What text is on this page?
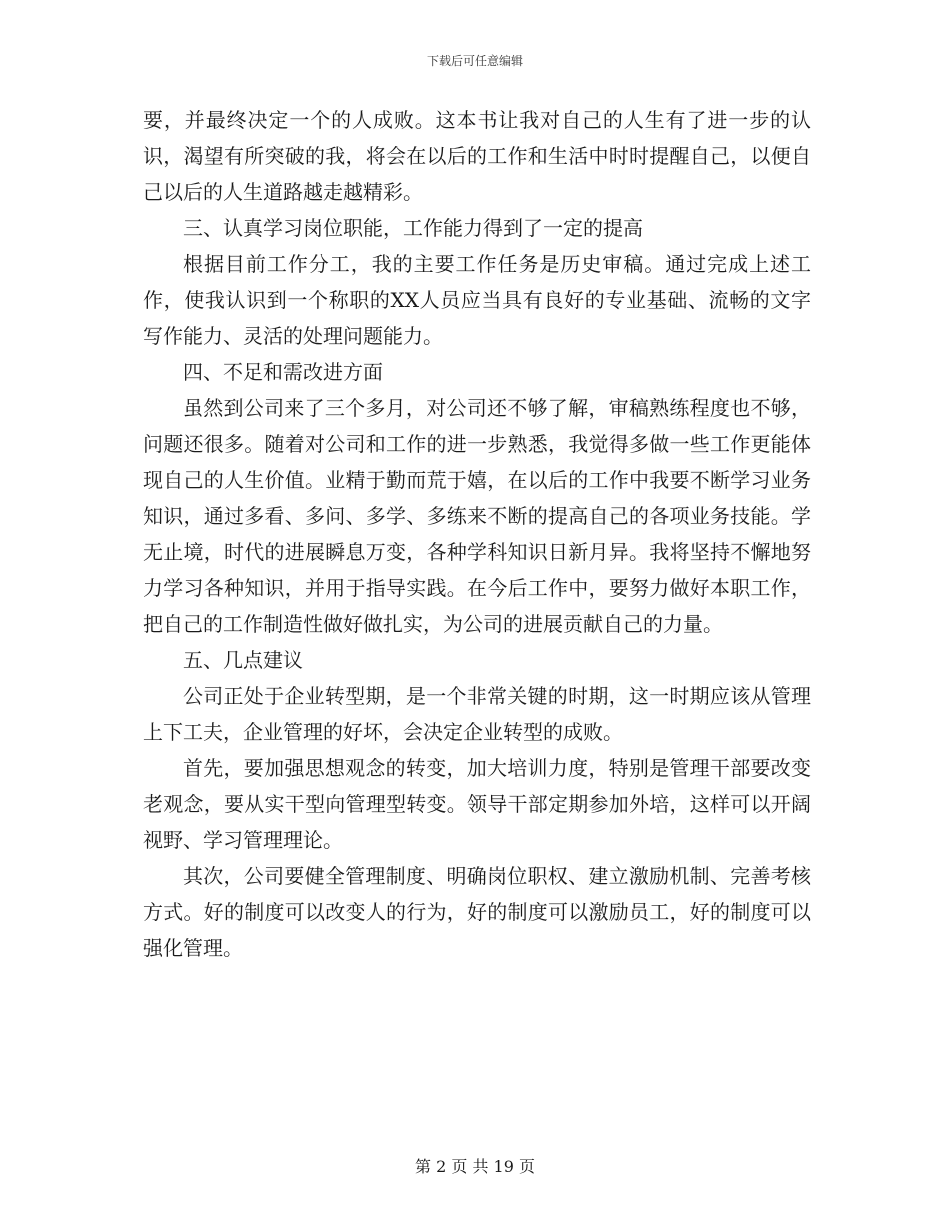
下载后可任意编辑

要，并最终决定一个的人成败。这本书让我对自己的人生有了进一步的认识，渴望有所突破的我，将会在以后的工作和生活中时时提醒自己，以便自己以后的人生道路越走越精彩。

三、认真学习岗位职能，工作能力得到了一定的提高

根据目前工作分工，我的主要工作任务是历史审稿。通过完成上述工作，使我认识到一个称职的XX人员应当具有良好的专业基础、流畅的文字写作能力、灵活的处理问题能力。

四、不足和需改进方面

虽然到公司来了三个多月，对公司还不够了解，审稿熟练程度也不够，问题还很多。随着对公司和工作的进一步熟悉，我觉得多做一些工作更能体现自己的人生价值。业精于勤而荒于嬉，在以后的工作中我要不断学习业务知识，通过多看、多问、多学、多练来不断的提高自己的各项业务技能。学无止境，时代的进展瞬息万变，各种学科知识日新月异。我将坚持不懈地努力学习各种知识，并用于指导实践。在今后工作中，要努力做好本职工作，把自己的工作制造性做好做扎实，为公司的进展贡献自己的力量。

五、几点建议

公司正处于企业转型期，是一个非常关键的时期，这一时期应该从管理上下工夫，企业管理的好坏，会决定企业转型的成败。

首先，要加强思想观念的转变，加大培训力度，特别是管理干部要改变老观念，要从实干型向管理型转变。领导干部定期参加外培，这样可以开阔视野、学习管理理论。

其次，公司要健全管理制度、明确岗位职权、建立激励机制、完善考核方式。好的制度可以改变人的行为，好的制度可以激励员工，好的制度可以强化管理。

第 2 页 共 19 页
